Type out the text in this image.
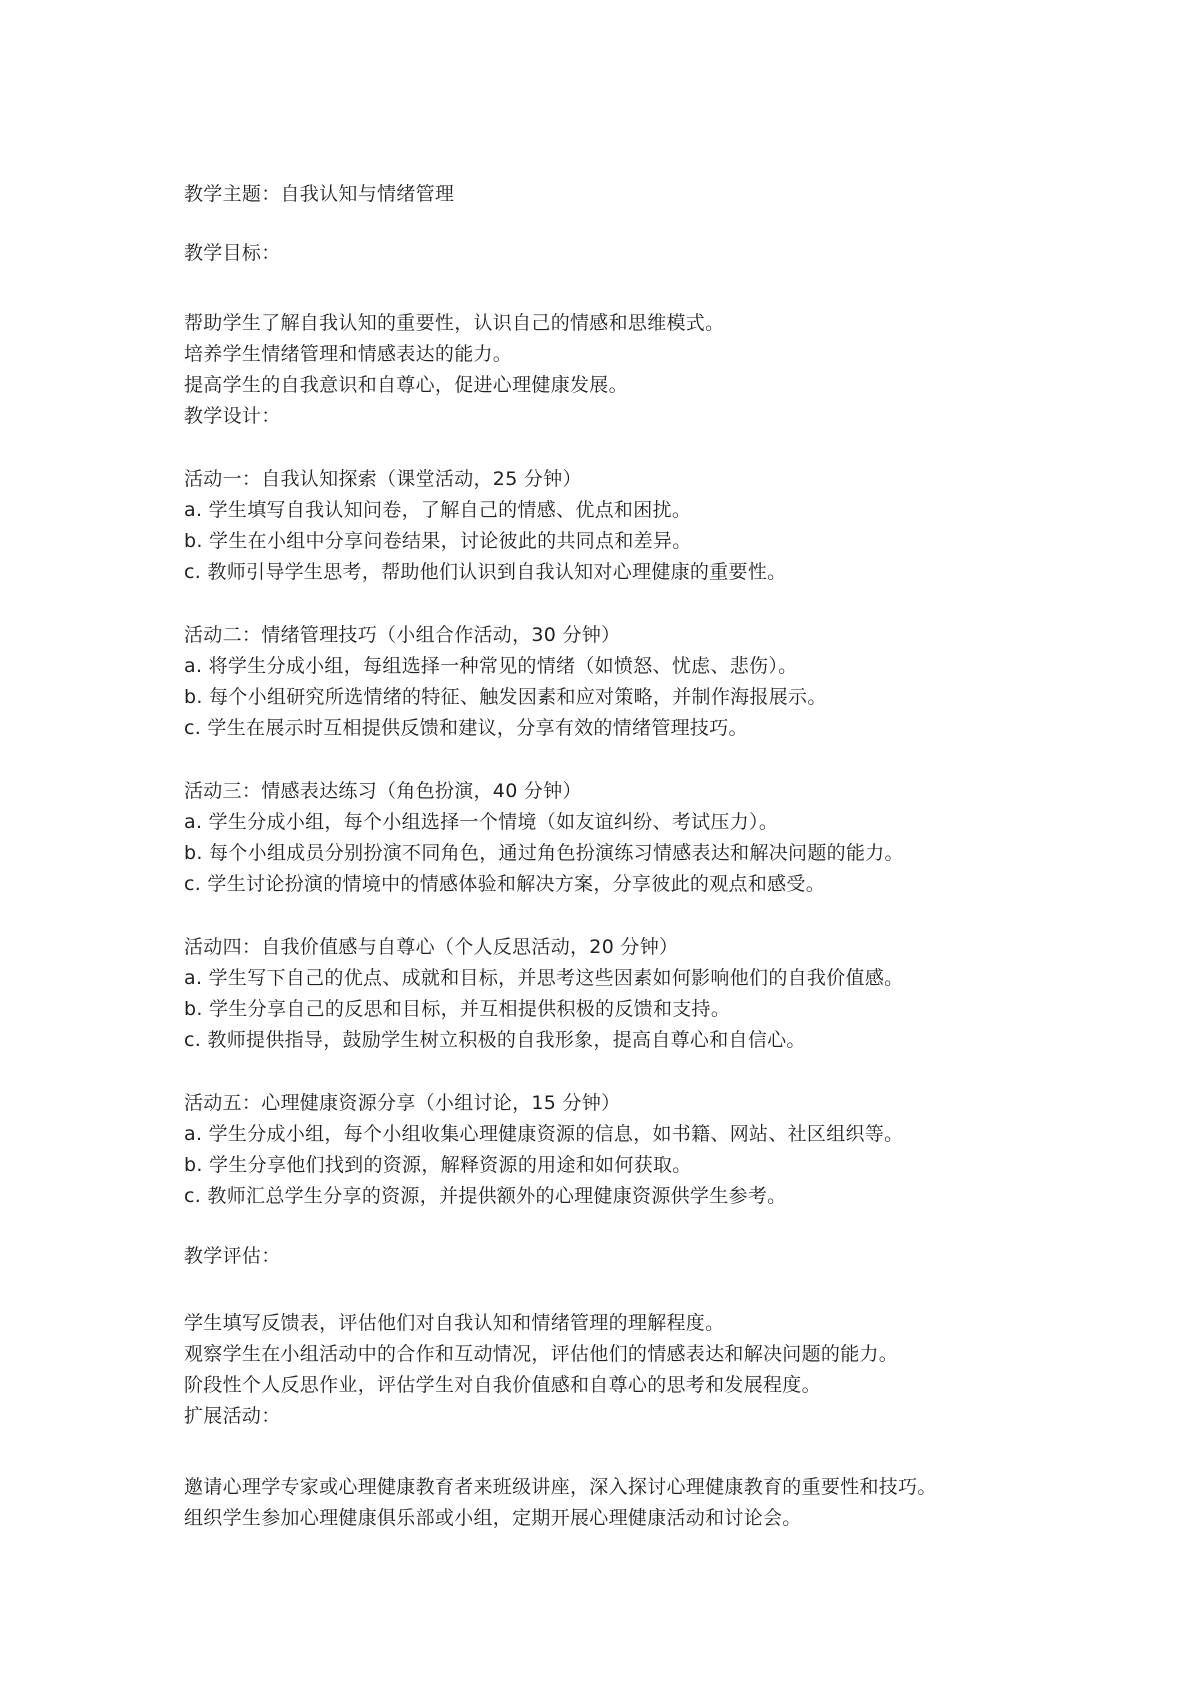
教学主题：自我认知与情绪管理
教学目标：
帮助学生了解自我认知的重要性，认识自己的情感和思维模式。
培养学生情绪管理和情感表达的能力。
提高学生的自我意识和自尊心，促进心理健康发展。
教学设计：
活动一：自我认知探索（课堂活动，25 分钟）
a. 学生填写自我认知问卷，了解自己的情感、优点和困扰。
b. 学生在小组中分享问卷结果，讨论彼此的共同点和差异。
c. 教师引导学生思考，帮助他们认识到自我认知对心理健康的重要性。
活动二：情绪管理技巧（小组合作活动，30 分钟）
a. 将学生分成小组，每组选择一种常见的情绪（如愤怒、忧虑、悲伤）。
b. 每个小组研究所选情绪的特征、触发因素和应对策略，并制作海报展示。
c. 学生在展示时互相提供反馈和建议，分享有效的情绪管理技巧。
活动三：情感表达练习（角色扮演，40 分钟）
a. 学生分成小组，每个小组选择一个情境（如友谊纠纷、考试压力）。
b. 每个小组成员分别扮演不同角色，通过角色扮演练习情感表达和解决问题的能力。
c. 学生讨论扮演的情境中的情感体验和解决方案，分享彼此的观点和感受。
活动四：自我价值感与自尊心（个人反思活动，20 分钟）
a. 学生写下自己的优点、成就和目标，并思考这些因素如何影响他们的自我价值感。
b. 学生分享自己的反思和目标，并互相提供积极的反馈和支持。
c. 教师提供指导，鼓励学生树立积极的自我形象，提高自尊心和自信心。
活动五：心理健康资源分享（小组讨论，15 分钟）
a. 学生分成小组，每个小组收集心理健康资源的信息，如书籍、网站、社区组织等。
b. 学生分享他们找到的资源，解释资源的用途和如何获取。
c. 教师汇总学生分享的资源，并提供额外的心理健康资源供学生参考。
教学评估：
学生填写反馈表，评估他们对自我认知和情绪管理的理解程度。
观察学生在小组活动中的合作和互动情况，评估他们的情感表达和解决问题的能力。
阶段性个人反思作业，评估学生对自我价值感和自尊心的思考和发展程度。
扩展活动：
邀请心理学专家或心理健康教育者来班级讲座，深入探讨心理健康教育的重要性和技巧。
组织学生参加心理健康俱乐部或小组，定期开展心理健康活动和讨论会。
